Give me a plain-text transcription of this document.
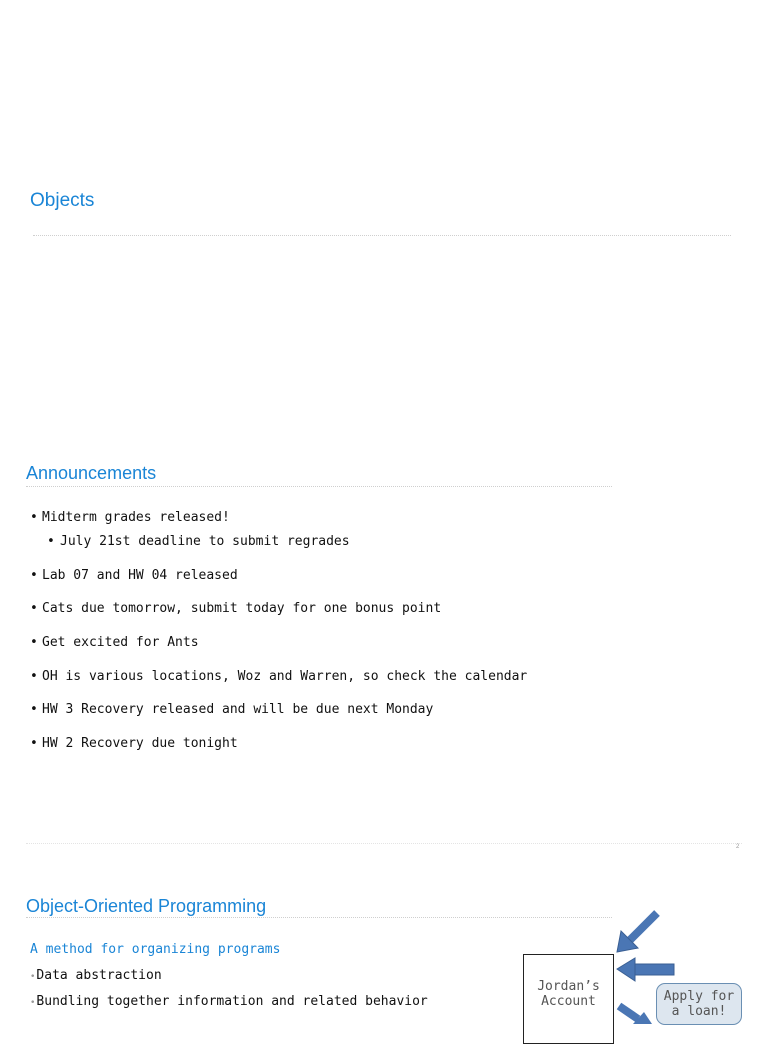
Objects
Announcements
• Midterm grades released!
• July 21st deadline to submit regrades
• Lab 07 and HW 04 released
• Cats due tomorrow, submit today for one bonus point
• Get excited for Ants
• OH is various locations, Woz and Warren, so check the calendar
• HW 3 Recovery released and will be due next Monday
• HW 2 Recovery due tonight
2
Object-Oriented Programming
A method for organizing programs
•Data abstraction
•Bundling together information and related behavior
Jordan’s
Account	Apply for
a loan!
